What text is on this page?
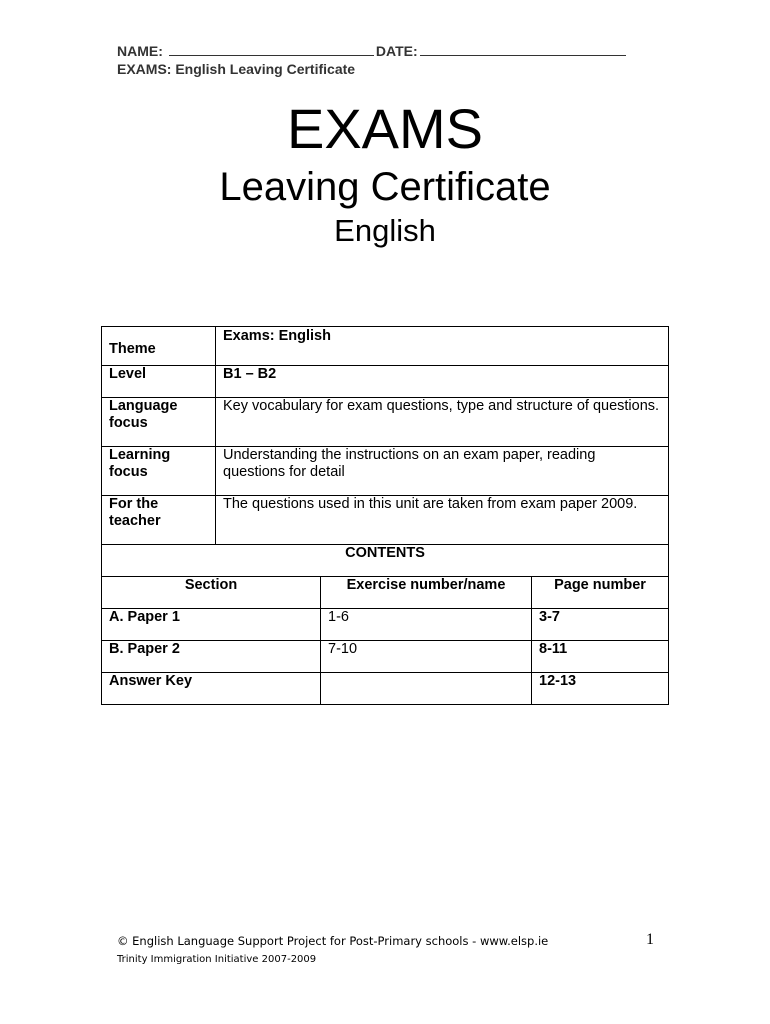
NAME:	DATE:
EXAMS: English Leaving Certificate
EXAMS
Leaving Certificate
English
Theme	Exams: English		
Level	B1 – B2		
Language focus	Key vocabulary for exam questions, type and structure of questions.		
Learning focus	Understanding the instructions on an exam paper, reading questions for detail		
For the teacher	The questions used in this unit are taken from exam paper 2009.		
CONTENTS			
Section		Exercise number/name	Page number
A. Paper 1		1-6	3-7
B. Paper 2		7-10	8-11
Answer Key			12-13
© English Language Support Project for Post-Primary schools - www.elsp.ie
Trinity Immigration Initiative 2007-2009
1
